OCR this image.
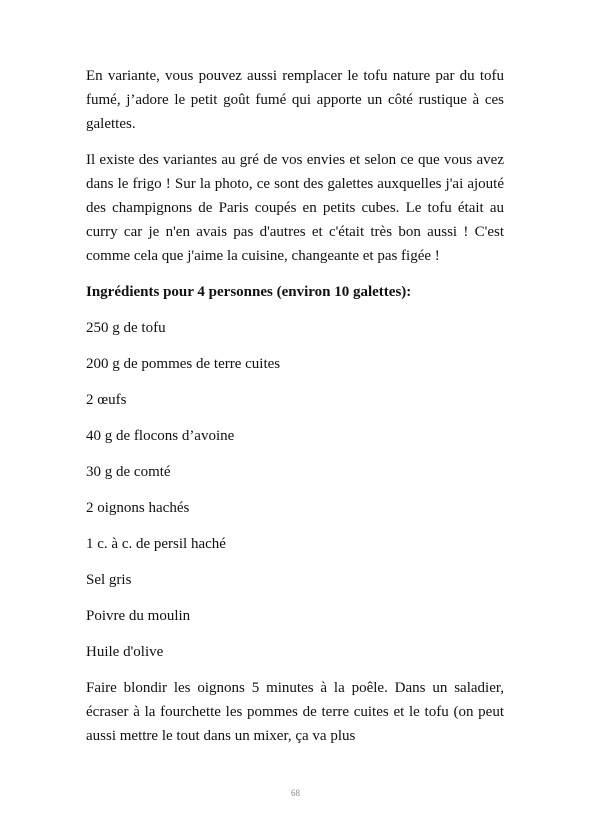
En variante, vous pouvez aussi remplacer le tofu nature par du tofu fumé, j’adore le petit goût fumé qui apporte un côté rustique à ces galettes.

Il existe des variantes au gré de vos envies et selon ce que vous avez dans le frigo ! Sur la photo, ce sont des galettes auxquelles j'ai ajouté des champignons de Paris coupés en petits cubes. Le tofu était au curry car je n'en avais pas d'autres et c'était très bon aussi ! C'est comme cela que j'aime la cuisine, changeante et pas figée !

Ingrédients pour 4 personnes (environ 10 galettes):

250 g de tofu

200 g de pommes de terre cuites

2 œufs

40 g de flocons d’avoine

30 g de comté

2 oignons hachés

1 c. à c. de persil haché

Sel gris

Poivre du moulin

Huile d'olive

Faire blondir les oignons 5 minutes à la poêle. Dans un saladier, écraser à la fourchette les pommes de terre cuites et le tofu (on peut aussi mettre le tout dans un mixer, ça va plus

68
